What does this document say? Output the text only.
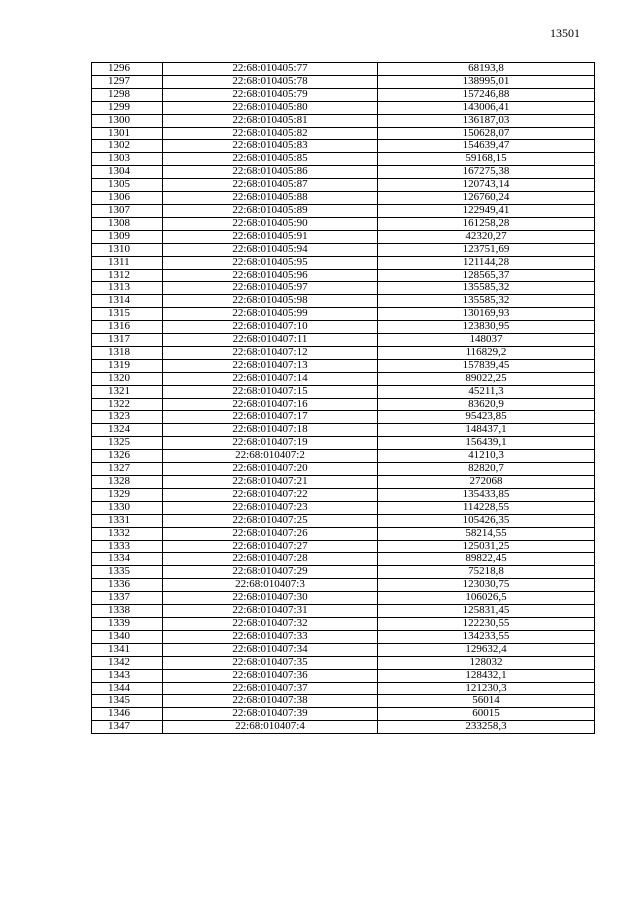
13501
1296	22:68:010405:77	68193,8
1297	22:68:010405:78	138995,01
1298	22:68:010405:79	157246,88
1299	22:68:010405:80	143006,41
1300	22:68:010405:81	136187,03
1301	22:68:010405:82	150628,07
1302	22:68:010405:83	154639,47
1303	22:68:010405:85	59168,15
1304	22:68:010405:86	167275,38
1305	22:68:010405:87	120743,14
1306	22:68:010405:88	126760,24
1307	22:68:010405:89	122949,41
1308	22:68:010405:90	161258,28
1309	22:68:010405:91	42320,27
1310	22:68:010405:94	123751,69
1311	22:68:010405:95	121144,28
1312	22:68:010405:96	128565,37
1313	22:68:010405:97	135585,32
1314	22:68:010405:98	135585,32
1315	22:68:010405:99	130169,93
1316	22:68:010407:10	123830,95
1317	22:68:010407:11	148037
1318	22:68:010407:12	116829,2
1319	22:68:010407:13	157839,45
1320	22:68:010407:14	89022,25
1321	22:68:010407:15	45211,3
1322	22:68:010407:16	83620,9
1323	22:68:010407:17	95423,85
1324	22:68:010407:18	148437,1
1325	22:68:010407:19	156439,1
1326	22:68:010407:2	41210,3
1327	22:68:010407:20	82820,7
1328	22:68:010407:21	272068
1329	22:68:010407:22	135433,85
1330	22:68:010407:23	114228,55
1331	22:68:010407:25	105426,35
1332	22:68:010407:26	58214,55
1333	22:68:010407:27	125031,25
1334	22:68:010407:28	89822,45
1335	22:68:010407:29	75218,8
1336	22:68:010407:3	123030,75
1337	22:68:010407:30	106026,5
1338	22:68:010407:31	125831,45
1339	22:68:010407:32	122230,55
1340	22:68:010407:33	134233,55
1341	22:68:010407:34	129632,4
1342	22:68:010407:35	128032
1343	22:68:010407:36	128432,1
1344	22:68:010407:37	121230,3
1345	22:68:010407:38	56014
1346	22:68:010407:39	60015
1347	22:68:010407:4	233258,3
